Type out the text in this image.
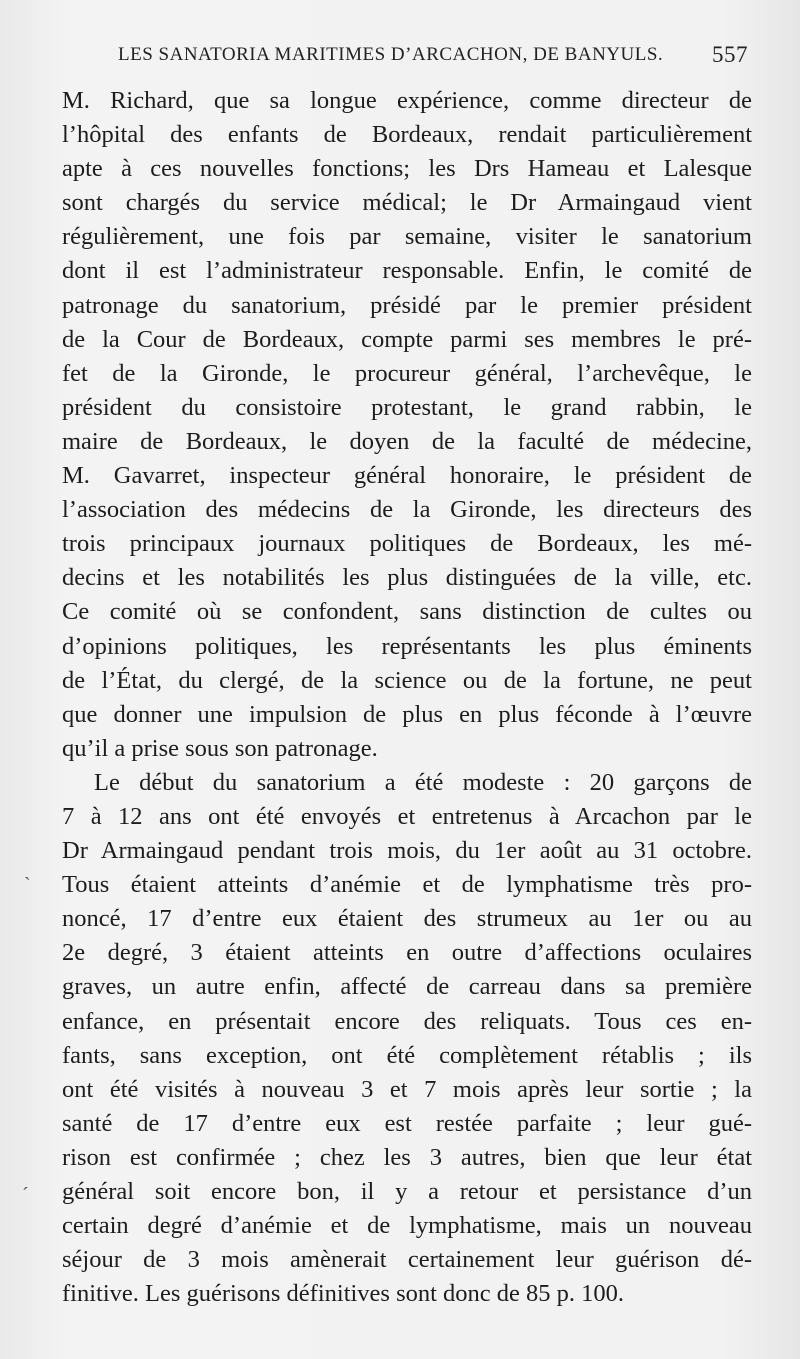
LES SANATORIA MARITIMES D’ARCACHON, DE BANYULS. 557
M. Richard, que sa longue expérience, comme directeur de
l’hôpital des enfants de Bordeaux, rendait particulièrement
apte à ces nouvelles fonctions; les Drs Hameau et Lalesque
sont chargés du service médical; le Dr Armaingaud vient
régulièrement, une fois par semaine, visiter le sanatorium
dont il est l’administrateur responsable. Enfin, le comité de
patronage du sanatorium, présidé par le premier président
de la Cour de Bordeaux, compte parmi ses membres le pré-
fet de la Gironde, le procureur général, l’archevêque, le
président du consistoire protestant, le grand rabbin, le
maire de Bordeaux, le doyen de la faculté de médecine,
M. Gavarret, inspecteur général honoraire, le président de
l’association des médecins de la Gironde, les directeurs des
trois principaux journaux politiques de Bordeaux, les mé-
decins et les notabilités les plus distinguées de la ville, etc.
Ce comité où se confondent, sans distinction de cultes ou
d’opinions politiques, les représentants les plus éminents
de l’État, du clergé, de la science ou de la fortune, ne peut
que donner une impulsion de plus en plus féconde à l’œuvre
qu’il a prise sous son patronage.
Le début du sanatorium a été modeste : 20 garçons de
7 à 12 ans ont été envoyés et entretenus à Arcachon par le
Dr Armaingaud pendant trois mois, du 1er août au 31 octobre.
Tous étaient atteints d’anémie et de lymphatisme très pro-
noncé, 17 d’entre eux étaient des strumeux au 1er ou au
2e degré, 3 étaient atteints en outre d’affections oculaires
graves, un autre enfin, affecté de carreau dans sa première
enfance, en présentait encore des reliquats. Tous ces en-
fants, sans exception, ont été complètement rétablis ; ils
ont été visités à nouveau 3 et 7 mois après leur sortie ; la
santé de 17 d’entre eux est restée parfaite ; leur gué-
rison est confirmée ; chez les 3 autres, bien que leur état
général soit encore bon, il y a retour et persistance d’un
certain degré d’anémie et de lymphatisme, mais un nouveau
séjour de 3 mois amènerait certainement leur guérison dé-
finitive. Les guérisons définitives sont donc de 85 p. 100.
ˋ
ˊ
